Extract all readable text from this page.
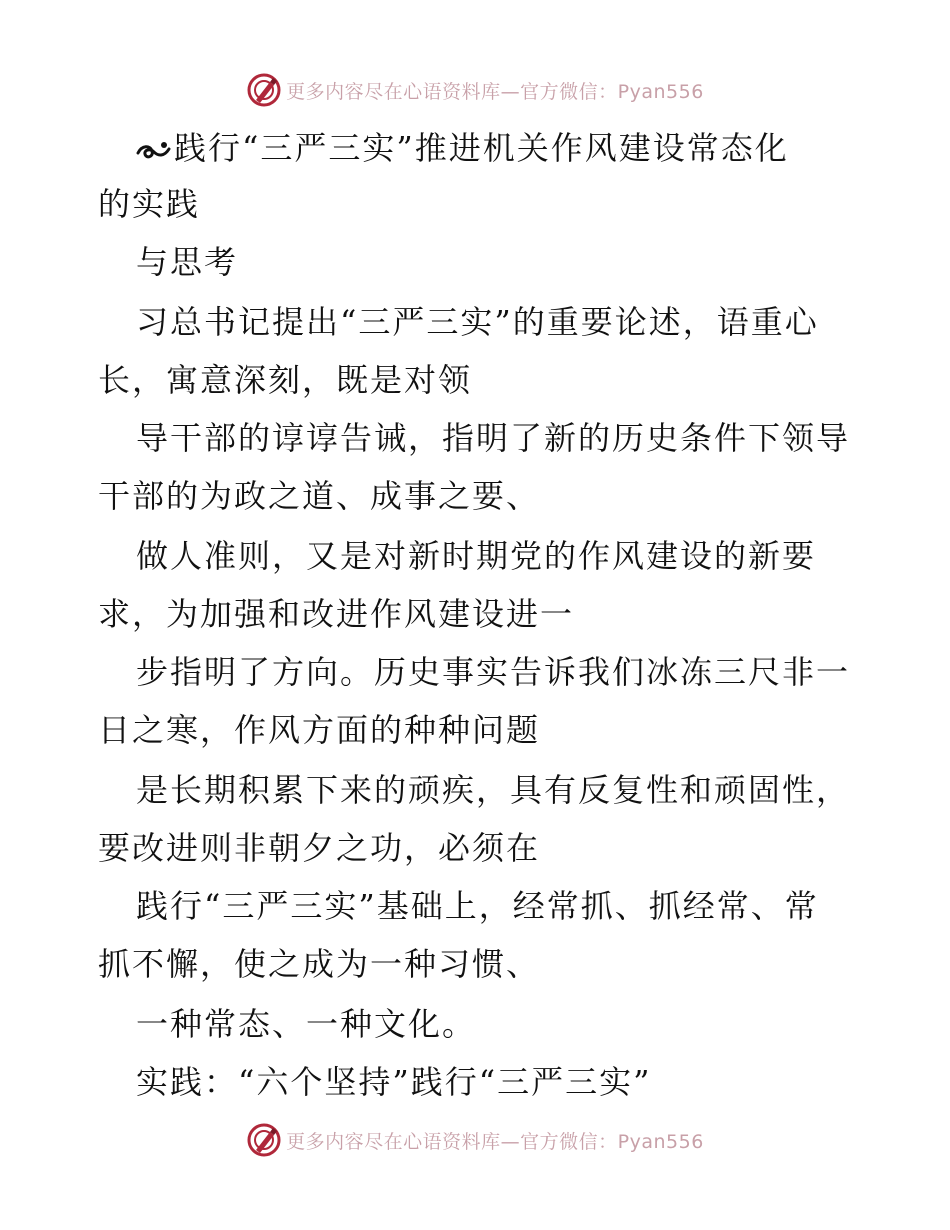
更多内容尽在心语资料库—官方微信：Pyan556
践行“三严三实”推进机关作风建设常态化
的实践
与思考
习总书记提出“三严三实”的重要论述，语重心
长，寓意深刻，既是对领
导干部的谆谆告诫，指明了新的历史条件下领导
干部的为政之道、成事之要、
做人准则，又是对新时期党的作风建设的新要
求，为加强和改进作风建设进一
步指明了方向。历史事实告诉我们冰冻三尺非一
日之寒，作风方面的种种问题
是长期积累下来的顽疾，具有反复性和顽固性，
要改进则非朝夕之功，必须在
践行“三严三实”基础上，经常抓、抓经常、常
抓不懈，使之成为一种习惯、
一种常态、一种文化。
实践：“六个坚持”践行“三严三实”
更多内容尽在心语资料库—官方微信：Pyan556
